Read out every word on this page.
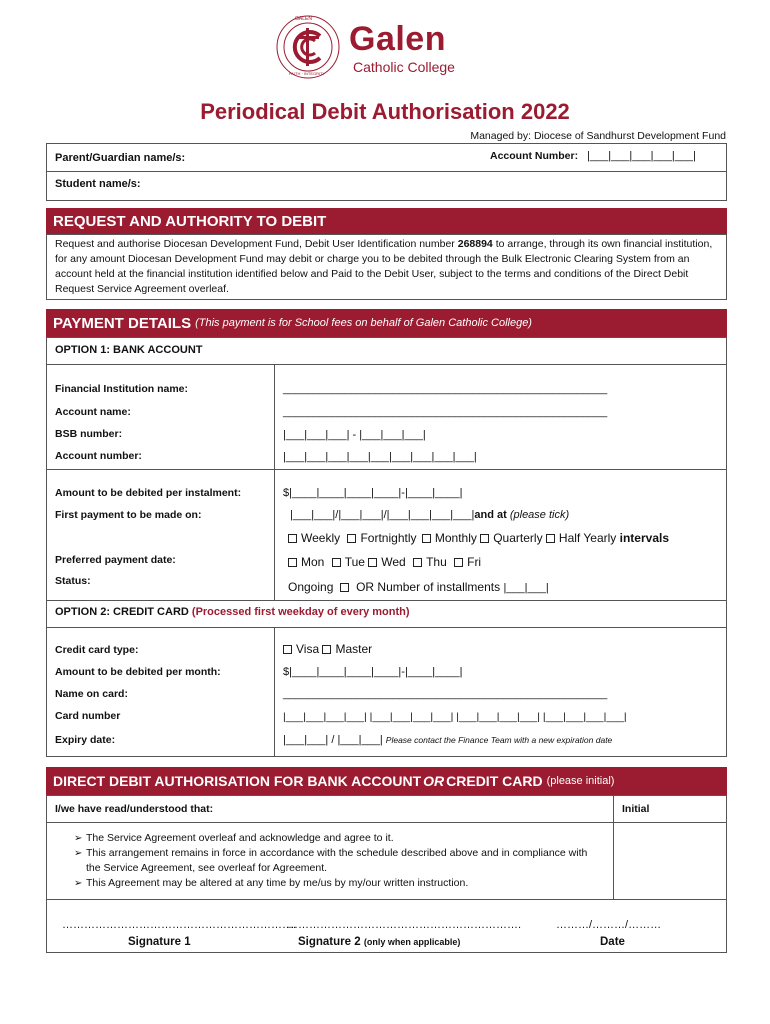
GALEN
FAITH · INTEGRITY
Galen
Catholic College
Periodical Debit Authorisation 2022
Managed by: Diocese of Sandhurst Development Fund
Parent/Guardian name/s:	Account Number: |___|___|___|___|___|
Student name/s:
REQUEST AND AUTHORITY TO DEBIT
Request and authorise Diocesan Development Fund, Debit User Identification number 268894 to arrange, through its own financial institution, for any amount Diocesan Development Fund may debit or charge you to be debited through the Bulk Electronic Clearing System from an account held at the financial institution identified below and Paid to the Debit User, subject to the terms and conditions of the Direct Debit Request Service Agreement overleaf.
PAYMENT DETAILS (This payment is for School fees on behalf of Galen Catholic College)
OPTION 1: BANK ACCOUNT
Financial Institution name:	_____________________________________________________
Account name:	_____________________________________________________
BSB number:	|___|___|___| - |___|___|___|
Account number:	|___|___|___|___|___|___|___|___|___|
Amount to be debited per instalment:	$|____|____|____|____|-|____|____|
First payment to be made on:	|___|___|/|___|___|/|___|___|___|___|and at (please tick)
Weekly Fortnightly Monthly Quarterly Half Yearly intervals
Preferred payment date:	Mon Tue Wed Thu Fri
Status:	Ongoing OR Number of installments |___|___|
OPTION 2: CREDIT CARD (Processed first weekday of every month)
Credit card type:	Visa Master
Amount to be debited per month:	$|____|____|____|____|-|____|____|
Name on card:	_____________________________________________________
Card number	|___|___|___|___| |___|___|___|___| |___|___|___|___| |___|___|___|___|
Expiry date:	|___|___| / |___|___| Please contact the Finance Team with a new expiration date
DIRECT DEBIT AUTHORISATION FOR BANK ACCOUNT OR CREDIT CARD (please initial)
I/we have read/understood that:	Initial
➢ The Service Agreement overleaf and acknowledge and agree to it.
➢ This arrangement remains in force in accordance with the schedule described above and in compliance with the Service Agreement, see overleaf for Agreement.
➢ This Agreement may be altered at any time by me/us by my/our written instruction.
……………………………………………………….
Signature 1
……………………………………………………….
Signature 2 (only when applicable)
………/………/………
Date
